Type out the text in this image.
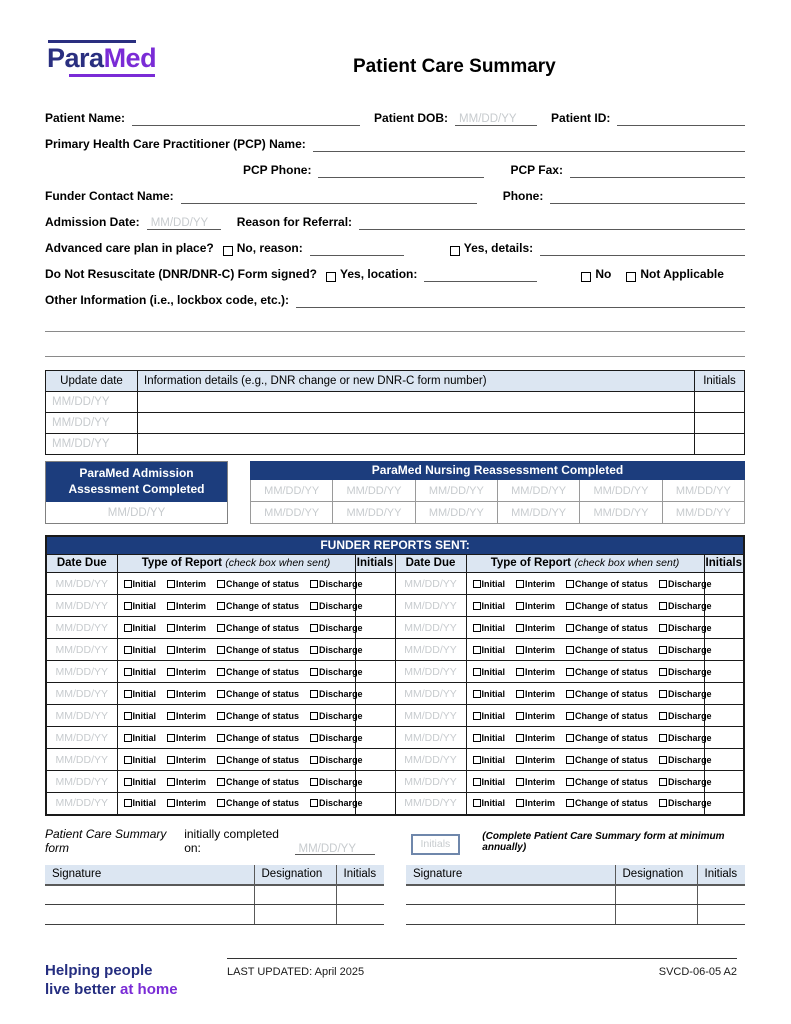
ParaMed	Patient Care Summary
Patient Name:	Patient DOB: MM/DD/YY	Patient ID:
Primary Health Care Practitioner (PCP) Name:
PCP Phone:	PCP Fax:
Funder Contact Name:	Phone:
Admission Date: MM/DD/YY	Reason for Referral:
Advanced care plan in place? No, reason:	Yes, details:
Do Not Resuscitate (DNR/DNR-C) Form signed? Yes, location:	No Not Applicable
Other Information (i.e., lockbox code, etc.):
Update date	Information details (e.g., DNR change or new DNR-C form number)	Initials
MM/DD/YY		
MM/DD/YY		
MM/DD/YY		
ParaMed Admission
Assessment Completed
MM/DD/YY
ParaMed Nursing Reassessment Completed					
MM/DD/YY	MM/DD/YY	MM/DD/YY	MM/DD/YY	MM/DD/YY	MM/DD/YY
MM/DD/YY	MM/DD/YY	MM/DD/YY	MM/DD/YY	MM/DD/YY	MM/DD/YY
FUNDER REPORTS SENT:					
Date Due	Type of Report (check box when sent)	Initials	Date Due	Type of Report (check box when sent)	Initials
MM/DD/YY	Initial Interim Change of status Discharge		MM/DD/YY	Initial Interim Change of status Discharge	

MM/DD/YY	Initial Interim Change of status Discharge		MM/DD/YY	Initial Interim Change of status Discharge	

MM/DD/YY	Initial Interim Change of status Discharge		MM/DD/YY	Initial Interim Change of status Discharge	

MM/DD/YY	Initial Interim Change of status Discharge		MM/DD/YY	Initial Interim Change of status Discharge	

MM/DD/YY	Initial Interim Change of status Discharge		MM/DD/YY	Initial Interim Change of status Discharge	

MM/DD/YY	Initial Interim Change of status Discharge		MM/DD/YY	Initial Interim Change of status Discharge	

MM/DD/YY	Initial Interim Change of status Discharge		MM/DD/YY	Initial Interim Change of status Discharge	

MM/DD/YY	Initial Interim Change of status Discharge		MM/DD/YY	Initial Interim Change of status Discharge	

MM/DD/YY	Initial Interim Change of status Discharge		MM/DD/YY	Initial Interim Change of status Discharge	

MM/DD/YY	Initial Interim Change of status Discharge		MM/DD/YY	Initial Interim Change of status Discharge	

MM/DD/YY	Initial Interim Change of status Discharge		MM/DD/YY	Initial Interim Change of status Discharge	

Patient Care Summary form
initially completed on:	MM/DD/YY	Initials
(Complete Patient Care Summary form at minimum annually)
Signature	Designation	Initials

			Signature	Designation	Initials

Helping people
live better at home
LAST UPDATED: April 2025	SVCD-06-05 A2
